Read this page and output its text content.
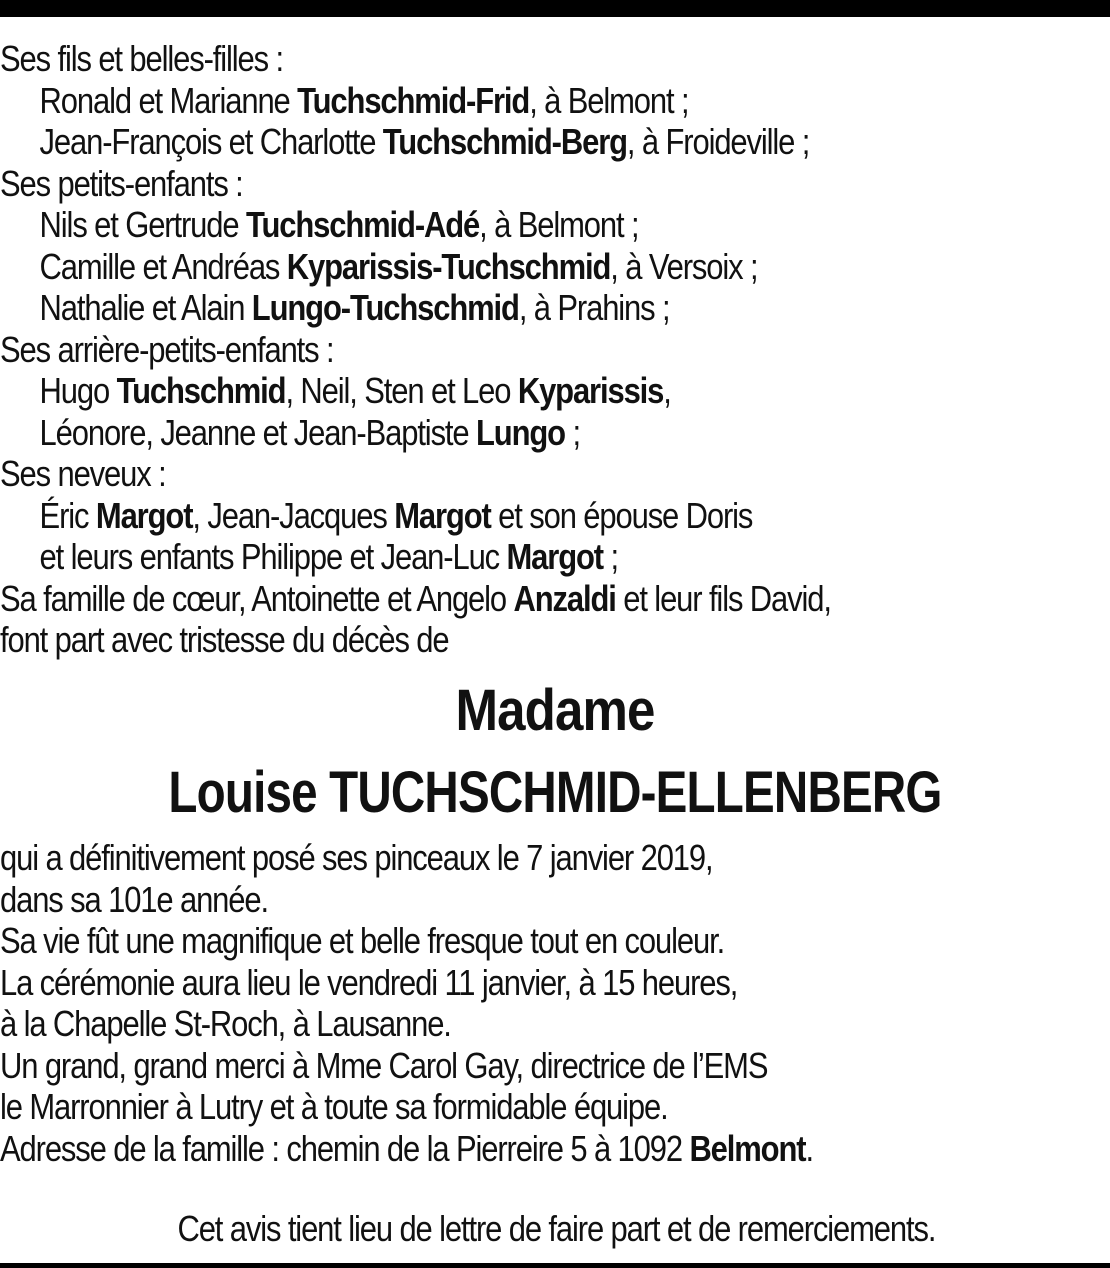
Ses fils et belles-filles :
Ronald et Marianne Tuchschmid-Frid, à Belmont ;
Jean-François et Charlotte Tuchschmid-Berg, à Froideville ;
Ses petits-enfants :
Nils et Gertrude Tuchschmid-Adé, à Belmont ;
Camille et Andréas Kyparissis-Tuchschmid, à Versoix ;
Nathalie et Alain Lungo-Tuchschmid, à Prahins ;
Ses arrière-petits-enfants :
Hugo Tuchschmid, Neil, Sten et Leo Kyparissis,
Léonore, Jeanne et Jean-Baptiste Lungo ;
Ses neveux :
Éric Margot, Jean-Jacques Margot et son épouse Doris
et leurs enfants Philippe et Jean-Luc Margot ;
Sa famille de cœur, Antoinette et Angelo Anzaldi et leur fils David,
font part avec tristesse du décès de
Madame
Louise TUCHSCHMID-ELLENBERG
qui a définitivement posé ses pinceaux le 7 janvier 2019,
dans sa 101e année.
Sa vie fût une magnifique et belle fresque tout en couleur.
La cérémonie aura lieu le vendredi 11 janvier, à 15 heures,
à la Chapelle St-Roch, à Lausanne.
Un grand, grand merci à Mme Carol Gay, directrice de l’EMS
le Marronnier à Lutry et à toute sa formidable équipe.
Adresse de la famille : chemin de la Pierreire 5 à 1092 Belmont.
Cet avis tient lieu de lettre de faire part et de remerciements.
